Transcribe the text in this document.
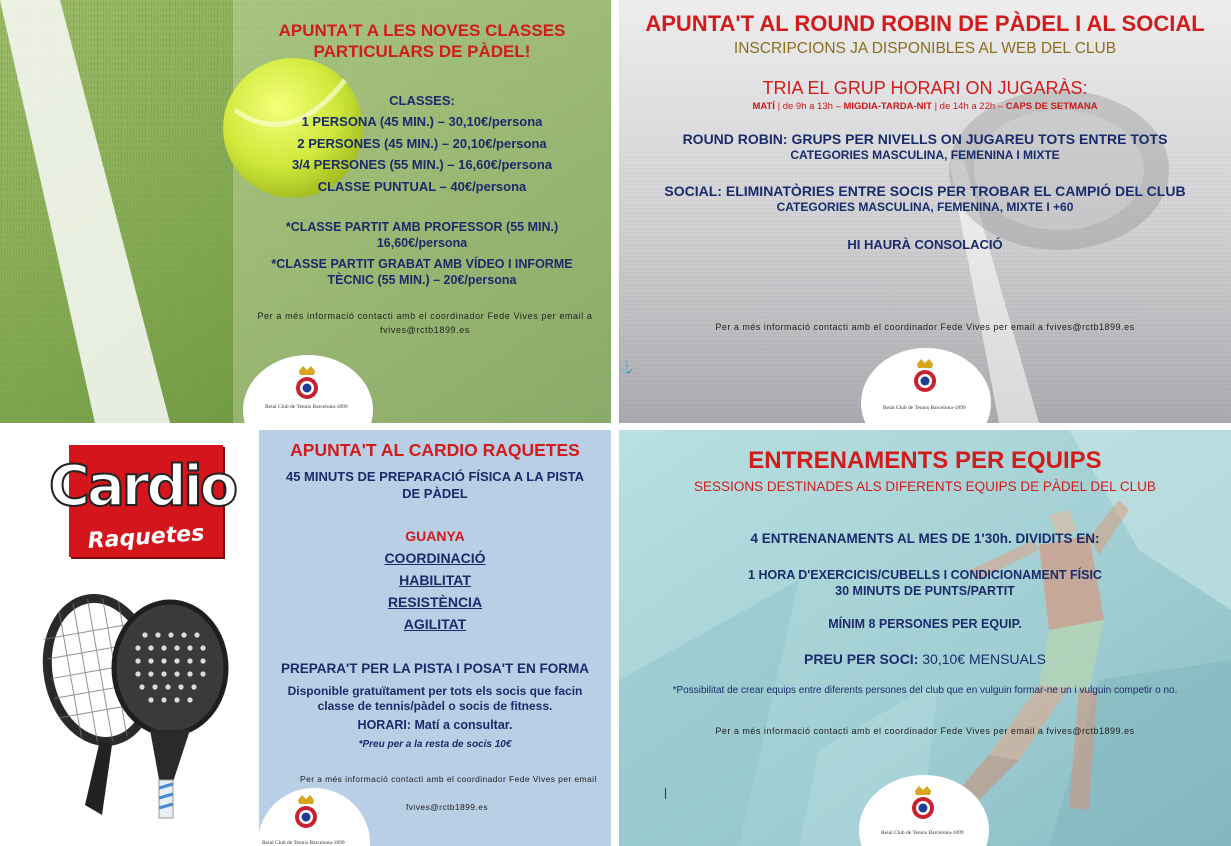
APUNTA'T A LES NOVES CLASSES
PARTICULARS DE PÀDEL!
CLASSES:
1 PERSONA (45 MIN.) – 30,10€/persona
2 PERSONES (45 MIN.) – 20,10€/persona
3/4 PERSONES (55 MIN.) – 16,60€/persona
CLASSE PUNTUAL – 40€/persona
*CLASSE PARTIT AMB PROFESSOR (55 MIN.)
16,60€/persona
*CLASSE PARTIT GRABAT AMB VÍDEO I INFORME
TÈCNIC (55 MIN.) – 20€/persona
Per a més informació contacti amb el coordinador Fede Vives per email a
fvives@rctb1899.es
Reial Club de Tennis Barcelona-1899
APUNTA'T AL ROUND ROBIN DE PÀDEL I AL SOCIAL
INSCRIPCIONS JA DISPONIBLES AL WEB DEL CLUB
TRIA EL GRUP HORARI ON JUGARÀS:
MATÍ | de 9h a 13h – MIGDIA-TARDA-NIT | de 14h a 22h – CAPS DE SETMANA
ROUND ROBIN: GRUPS PER NIVELLS ON JUGAREU TOTS ENTRE TOTS
CATEGORIES MASCULINA, FEMENINA I MIXTE
SOCIAL: ELIMINATÒRIES ENTRE SOCIS PER TROBAR EL CAMPIÓ DEL CLUB
CATEGORIES MASCULINA, FEMENINA, MIXTE I +60
HI HAURÀ CONSOLACIÓ
Per a més informació contacti amb el coordinador Fede Vives per email a fvives@rctb1899.es
⚓
Reial Club de Tennis Barcelona-1899
Cardio
Raquetes
APUNTA'T AL CARDIO RAQUETES
45 MINUTS DE PREPARACIÓ FÍSICA A LA PISTA
DE PÀDEL
GUANYA
COORDINACIÓ
HABILITAT
RESISTÈNCIA
AGILITAT
PREPARA'T PER LA PISTA I POSA'T EN FORMA
Disponible gratuïtament per tots els socis que facin
classe de tennis/pàdel o socis de fitness.
HORARI: Matí a consultar.
*Preu per a la resta de socis 10€
Per a més informació contacti amb el coordinador Fede Vives per email
fvives@rctb1899.es
Reial Club de Tennis Barcelona-1899
ENTRENAMENTS PER EQUIPS
SESSIONS DESTINADES ALS DIFERENTS EQUIPS DE PÀDEL DEL CLUB
4 ENTRENANAMENTS AL MES DE 1'30h. DIVIDITS EN:
1 HORA D'EXERCICIS/CUBELLS I CONDICIONAMENT FÍSIC
30 MINUTS DE PUNTS/PARTIT
MÍNIM 8 PERSONES PER EQUIP.
PREU PER SOCI: 30,10€ MENSUALS
*Possibilitat de crear equips entre diferents persones del club que en vulguin formar-ne un i vulguin competir o no.
Per a més informació contacti amb el coordinador Fede Vives per email a fvives@rctb1899.es
Reial Club de Tennis Barcelona-1899
